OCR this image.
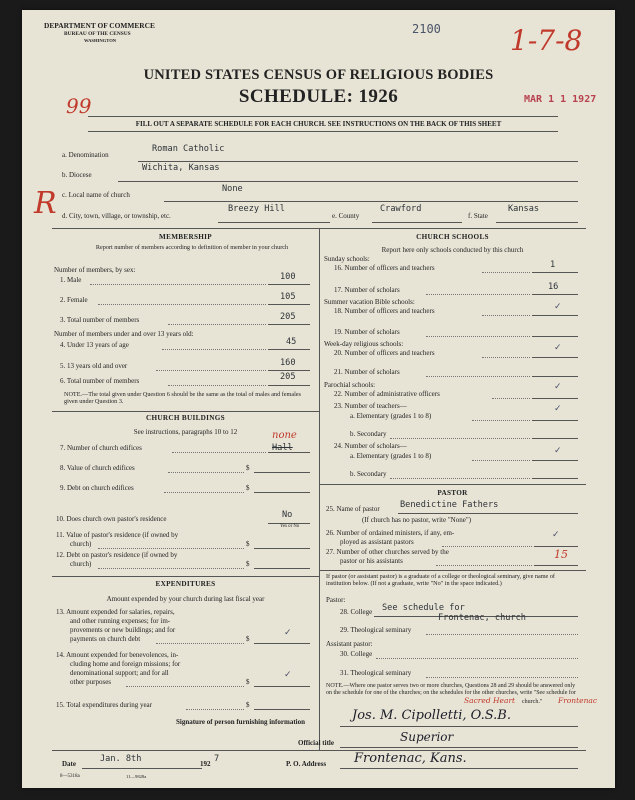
DEPARTMENT OF COMMERCE
BUREAU OF THE CENSUS
WASHINGTON
2100 1-7-8
UNITED STATES CENSUS OF RELIGIOUS BODIES
SCHEDULE: 1926
99	MAR 1 1 1927
FILL OUT A SEPARATE SCHEDULE FOR EACH CHURCH. SEE INSTRUCTIONS ON THE BACK OF THIS SHEET
R
a. Denomination
Roman Catholic
b. Diocese
Wichita, Kansas
c. Local name of church
None
d. City, town, village, or township, etc.
Breezy Hill
e. County
Crawford
f. State
Kansas
MEMBERSHIP
Report number of members according to definition of member in your church
Number of members, by sex:
1. Male	100
2. Female	105
3. Total number of members	205
Number of members under and over 13 years old:
4. Under 13 years of age	45
5. 13 years old and over	160
6. Total number of members	205
NOTE.—The total given under Question 6 should be the same as the total of males and females given under Question 3.
CHURCH BUILDINGS
See instructions, paragraphs 10 to 12
7. Number of church edifices	Hall
none
8. Value of church edifices	$
9. Debt on church edifices	$
10. Does church own pastor's residence	No
Yes or No
11. Value of pastor's residence (if owned by
church)	$
12. Debt on pastor's residence (if owned by
church)	$
EXPENDITURES
Amount expended by your church during last fiscal year
13. Amount expended for salaries, repairs,
and other running expenses; for im-
provements or new buildings; and for
payments on church debt	$
✓
14. Amount expended for benevolences, in-
cluding home and foreign missions; for
denominational support; and for all
other purposes	$
✓
15. Total expenditures during year	$
CHURCH SCHOOLS
Report here only schools conducted by this church
Sunday schools:
16. Number of officers and teachers	1
17. Number of scholars	16
Summer vacation Bible schools:
18. Number of officers and teachers	✓
19. Number of scholars
Week-day religious schools:
20. Number of officers and teachers	✓
21. Number of scholars
Parochial schools:
22. Number of administrative officers
✓
23. Number of teachers—
a. Elementary (grades 1 to 8)
✓
b. Secondary
24. Number of scholars—
a. Elementary (grades 1 to 8)	✓
b. Secondary
PASTOR
25. Name of pastor Benedictine Fathers
(If church has no pastor, write "None")
26. Number of ordained ministers, if any, em-
ployed as assistant pastors
✓
27. Number of other churches served by the
pastor or his assistants	15
If pastor (or assistant pastor) is a graduate of a college or theological seminary, give name of institution below. (If not a graduate, write "No" in the space indicated.)
Pastor:
28. College See schedule for
Frontenac, church
29. Theological seminary
Assistant pastor:
30. College
31. Theological seminary
NOTE.—Where one pastor serves two or more churches, Questions 28 and 29 should be answered only on the schedule for one of the churches; on the schedules for the other churches, write "See schedule for
Sacred Heart church." Frontenac
Signature of person furnishing information	Jos. M. Cipolletti, O.S.B.
Official title	Superior
Date	Jan. 8th	192 7	P. O. Address Frontenac, Kans.
8—5318a	11—9828a
